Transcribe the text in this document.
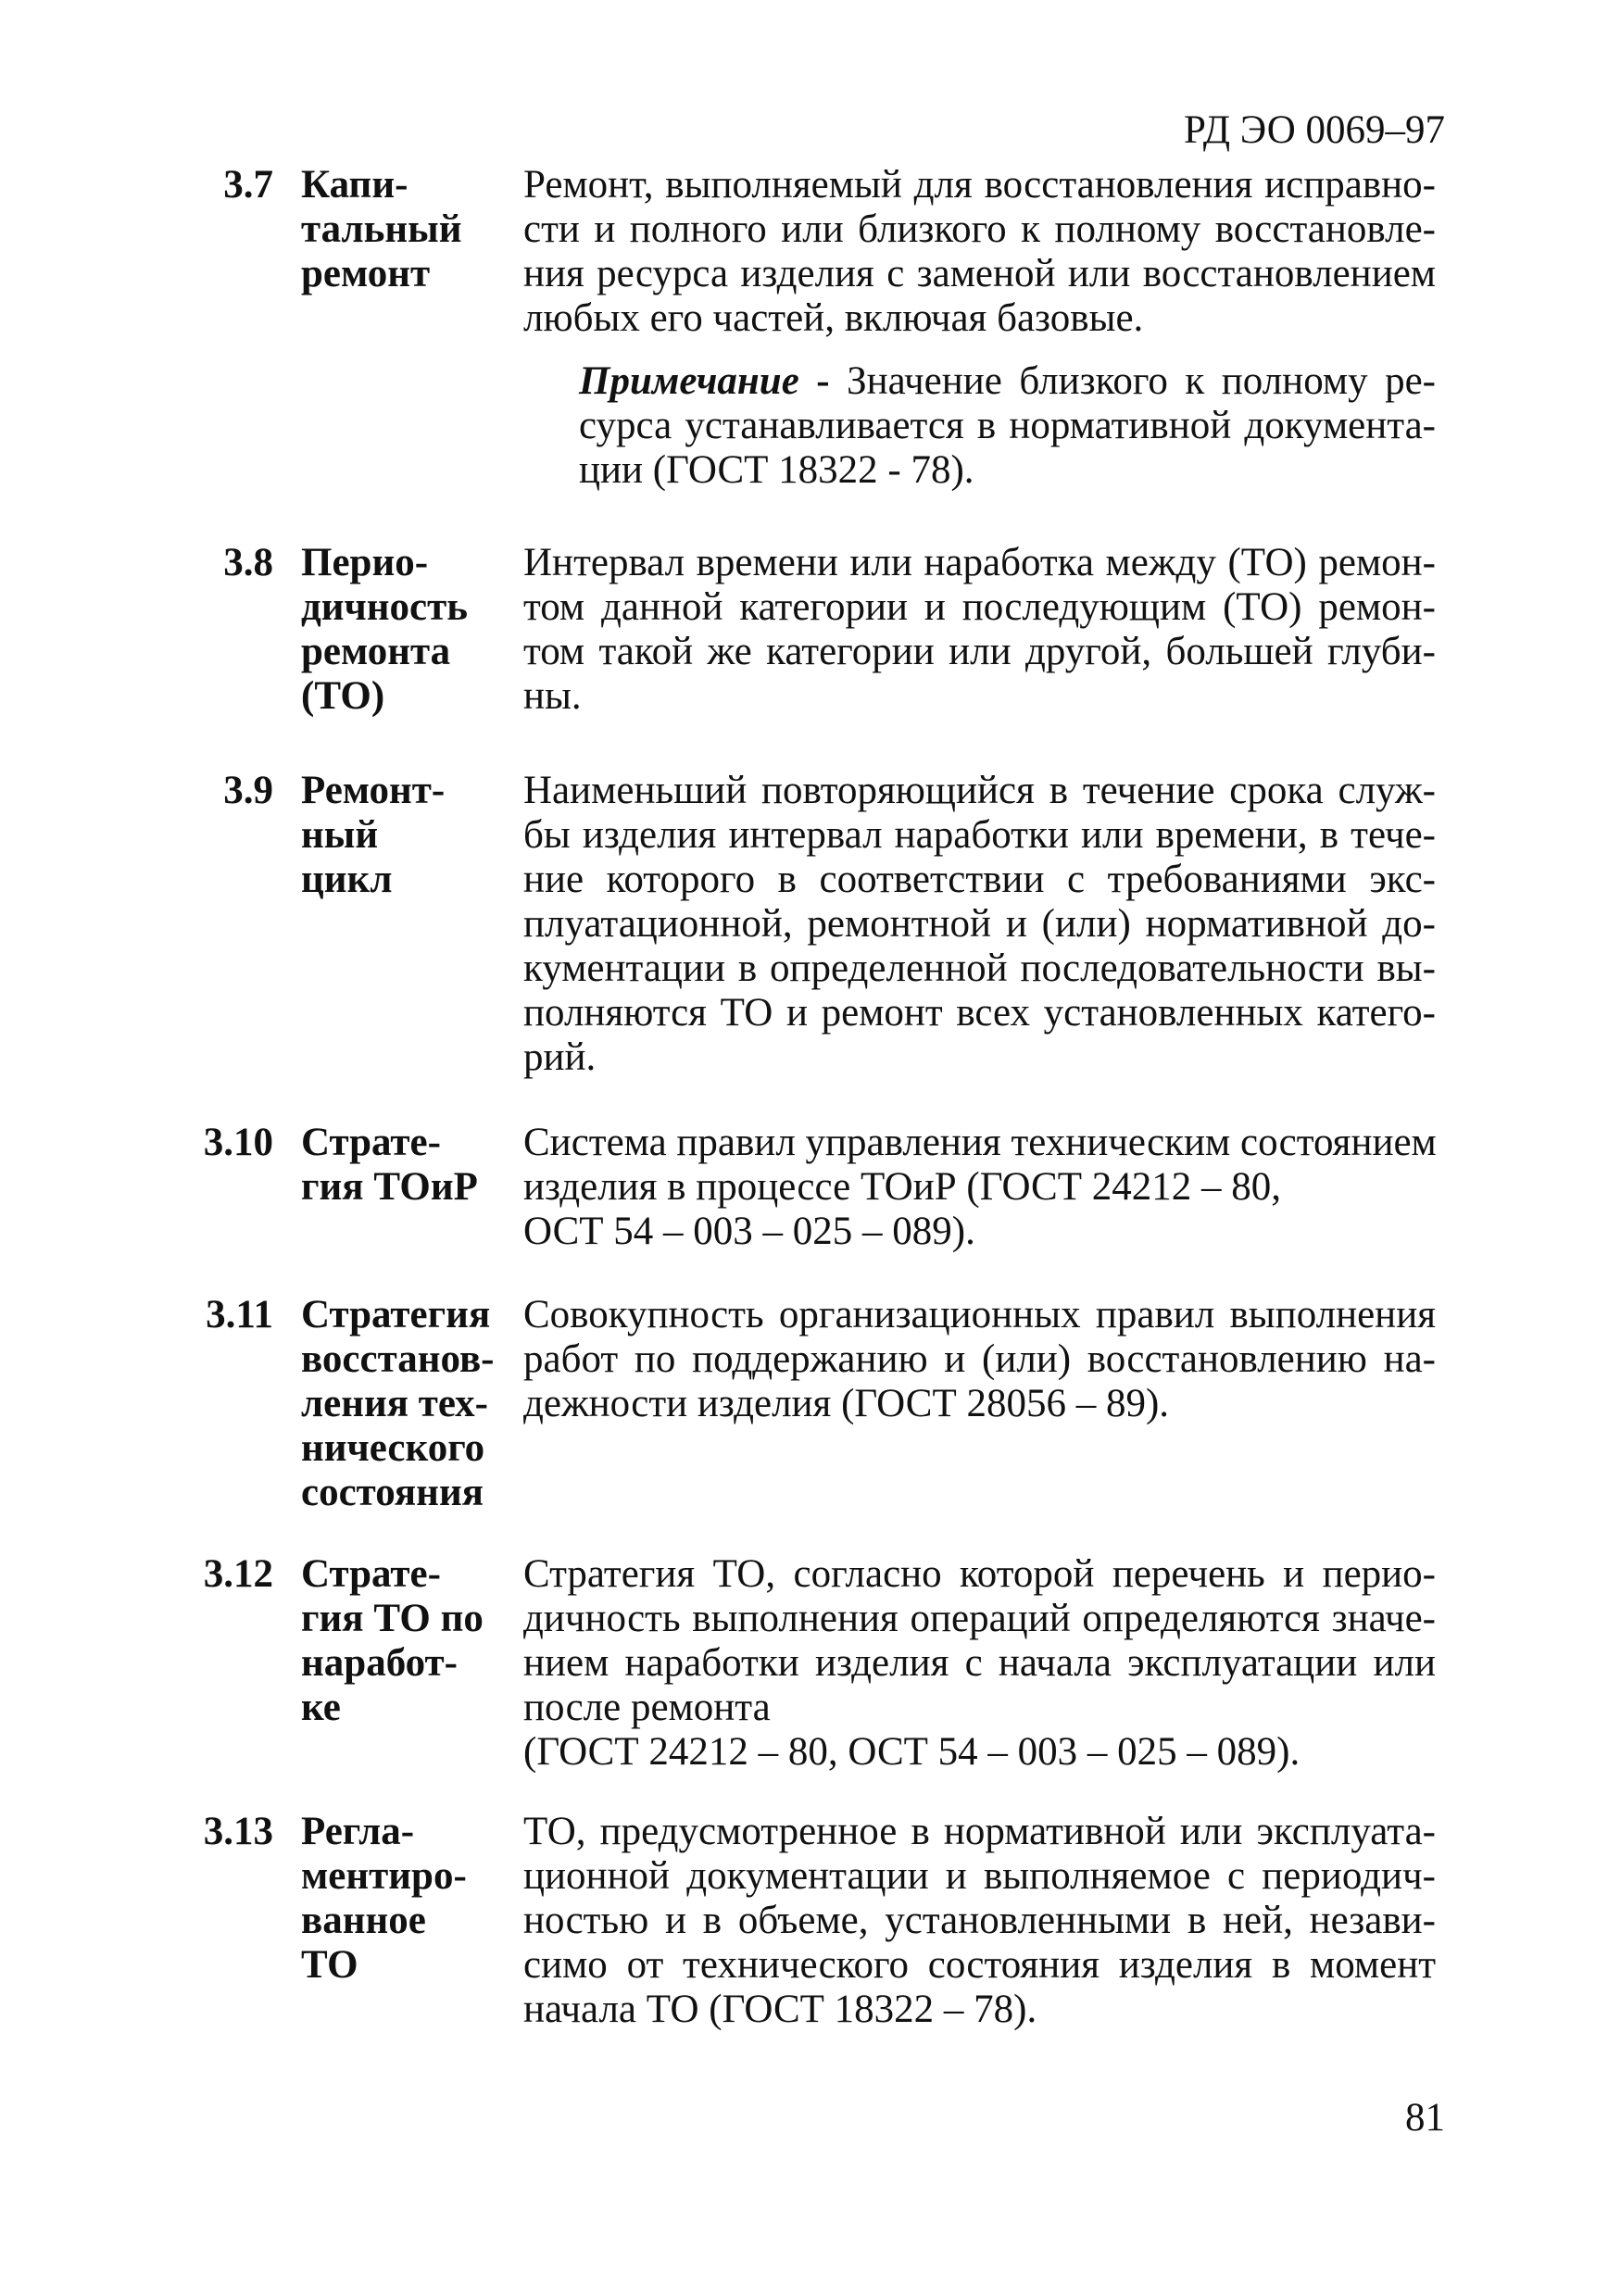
РД ЭО 0069–97
3.7 Капи-
тальный
ремонт
Ремонт, выполняемый для восстановления исправно-
сти и полного или близкого к полному восстановле-
ния ресурса изделия с заменой или восстановлением
любых его частей, включая базовые.
Примечание - Значение близкого к полному ре-
сурса устанавливается в нормативной документа-
ции (ГОСТ 18322 - 78).
3.8 Перио-
дичность
ремонта
(ТО)
Интервал времени или наработка между (ТО) ремон-
том данной категории и последующим (ТО) ремон-
том такой же категории или другой, большей глуби-
ны.
3.9 Ремонт-
ный
цикл
Наименьший повторяющийся в течение срока служ-
бы изделия интервал наработки или времени, в тече-
ние которого в соответствии с требованиями экс-
плуатационной, ремонтной и (или) нормативной до-
кументации в определенной последовательности вы-
полняются ТО и ремонт всех установленных катего-
рий.
3.10 Страте-
гия ТОиР
Система правил управления техническим состоянием
изделия в процессе ТОиР (ГОСТ 24212 – 80,
ОСТ 54 – 003 – 025 – 089).
3.11 Стратегия
восстанов-
ления тех-
нического
состояния
Совокупность организационных правил выполнения
работ по поддержанию и (или) восстановлению на-
дежности изделия (ГОСТ 28056 – 89).
3.12 Страте-
гия ТО по
наработ-
ке
Стратегия ТО, согласно которой перечень и перио-
дичность выполнения операций определяются значе-
нием наработки изделия с начала эксплуатации или
после ремонта
(ГОСТ 24212 – 80, ОСТ 54 – 003 – 025 – 089).
3.13 Регла-
ментиро-
ванное
ТО
ТО, предусмотренное в нормативной или эксплуата-
ционной документации и выполняемое с периодич-
ностью и в объеме, установленными в ней, незави-
симо от технического состояния изделия в момент
начала ТО (ГОСТ 18322 – 78).
81
